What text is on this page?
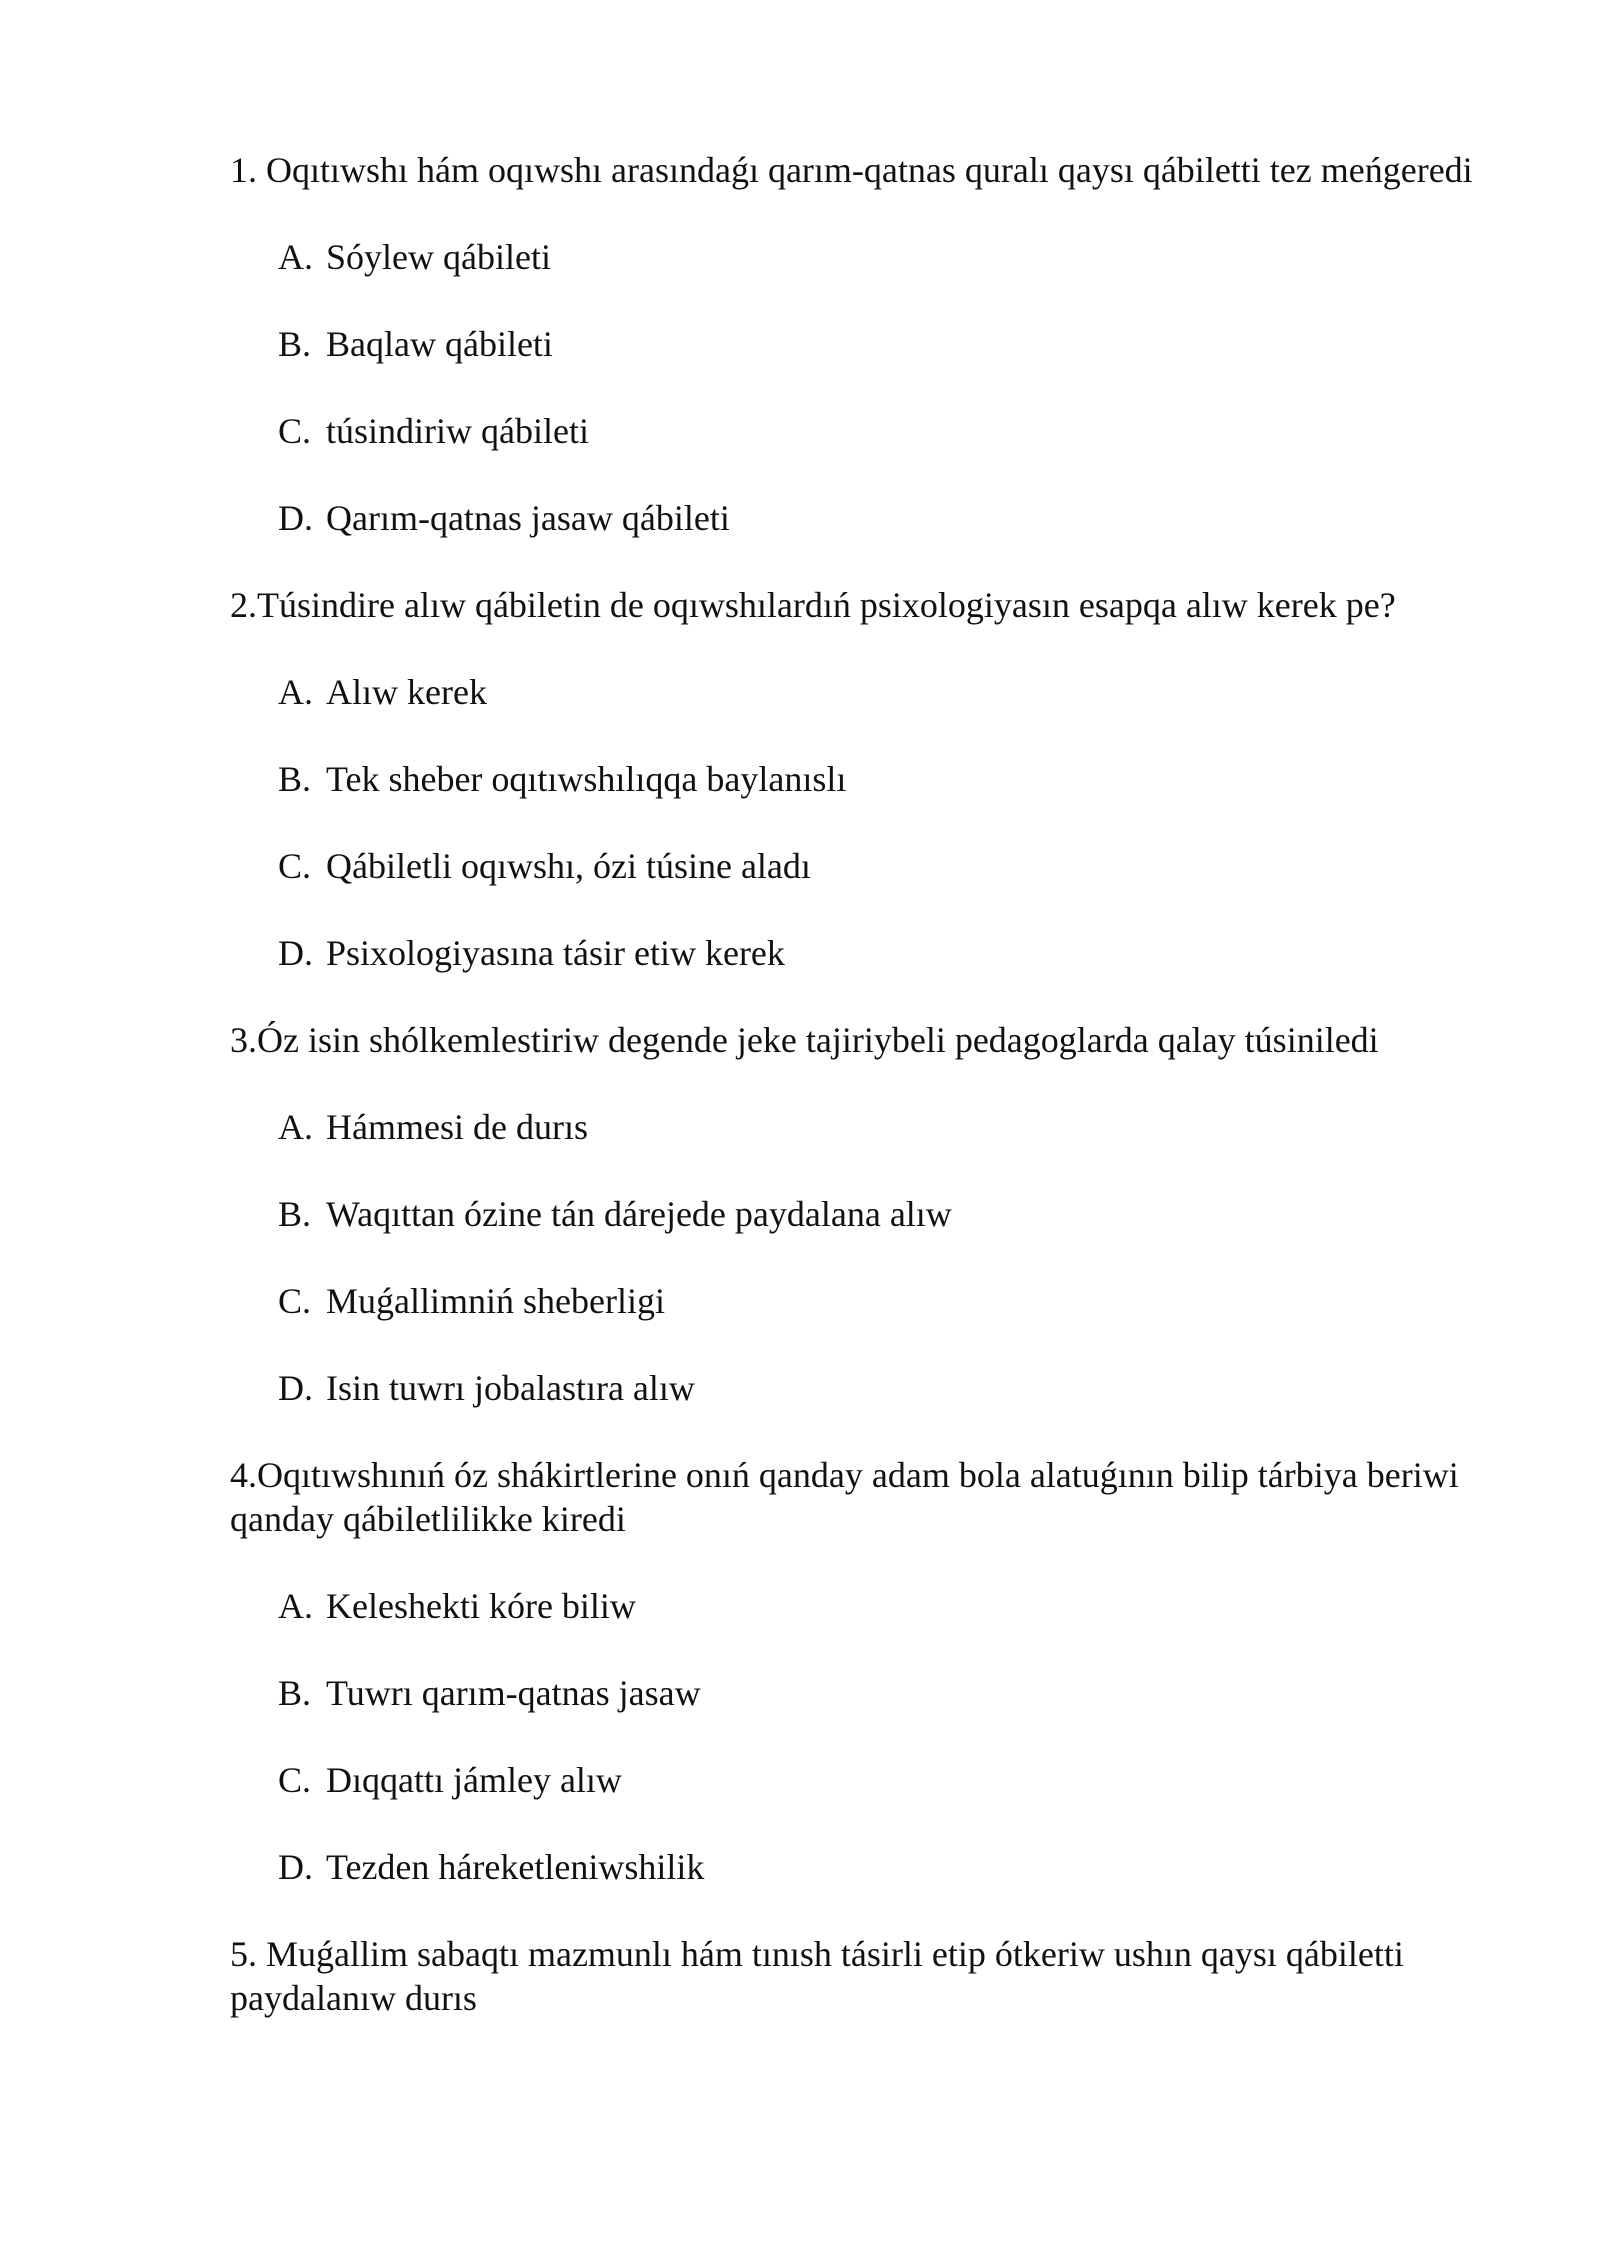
1. Oqıtıwshı hám oqıwshı arasındaǵı qarım-qatnas quralı qaysı qábiletti tez meńgeredi
A. Sóylew qábileti
B. Baqlaw qábileti
C. túsindiriw qábileti
D. Qarım-qatnas jasaw qábileti
2.Túsindire alıw qábiletin de oqıwshılardıń psixologiyasın esapqa alıw kerek pe?
A. Alıw kerek
B. Tek sheber oqıtıwshılıqqa baylanıslı
C. Qábiletli oqıwshı, ózi túsine aladı
D. Psixologiyasına tásir etiw kerek
3.Óz isin shólkemlestiriw degende jeke tajiriybeli pedagoglarda qalay túsiniledi
A. Hámmesi de durıs
B. Waqıttan ózine tán dárejede paydalana alıw
C. Muǵallimniń sheberligi
D. Isin tuwrı jobalastıra alıw
4.Oqıtıwshınıń óz shákirtlerine onıń qanday adam bola alatuǵının bilip tárbiya beriwi qanday qábiletlilikke kiredi
A. Keleshekti kóre biliw
B. Tuwrı qarım-qatnas jasaw
C. Dıqqattı jámley alıw
D. Tezden háreketleniwshilik
5. Muǵallim sabaqtı mazmunlı hám tınısh tásirli etip ótkeriw ushın qaysı qábiletti paydalanıw durıs
